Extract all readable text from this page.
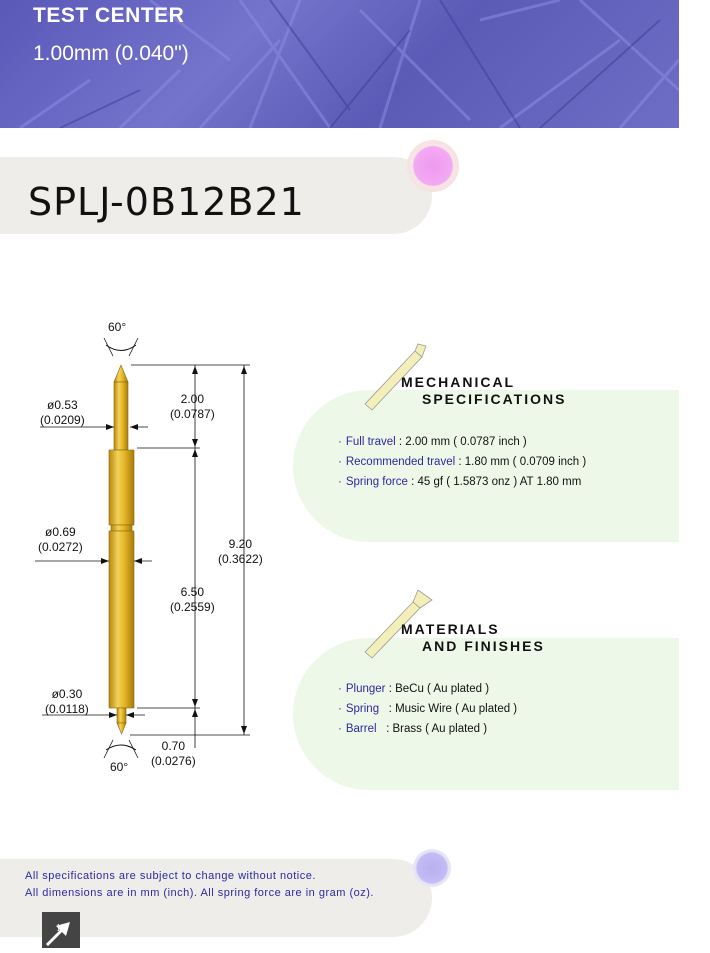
TEST CENTER
1.00mm (0.040")
SPLJ-0B12B21
60°
ø0.53
(0.0209)
2.00
(0.0787)
ø0.69
(0.0272)	9.20
(0.3622)
6.50
(0.2559)
ø0.30
(0.0118)
0.70
(0.0276)
60°
MECHANICAL
SPECIFICATIONS
· Full travel : 2.00 mm ( 0.0787 inch )
· Recommended travel : 1.80 mm ( 0.0709 inch )
· Spring force : 45 gf ( 1.5873 onz ) AT 1.80 mm
MATERIALS
AND FINISHES
· Plunger : BeCu ( Au plated )
· Spring   : Music Wire ( Au plated )
· Barrel   : Brass ( Au plated )
All specifications are subject to change without notice.
All dimensions are in mm (inch). All spring force are in gram (oz).
12
